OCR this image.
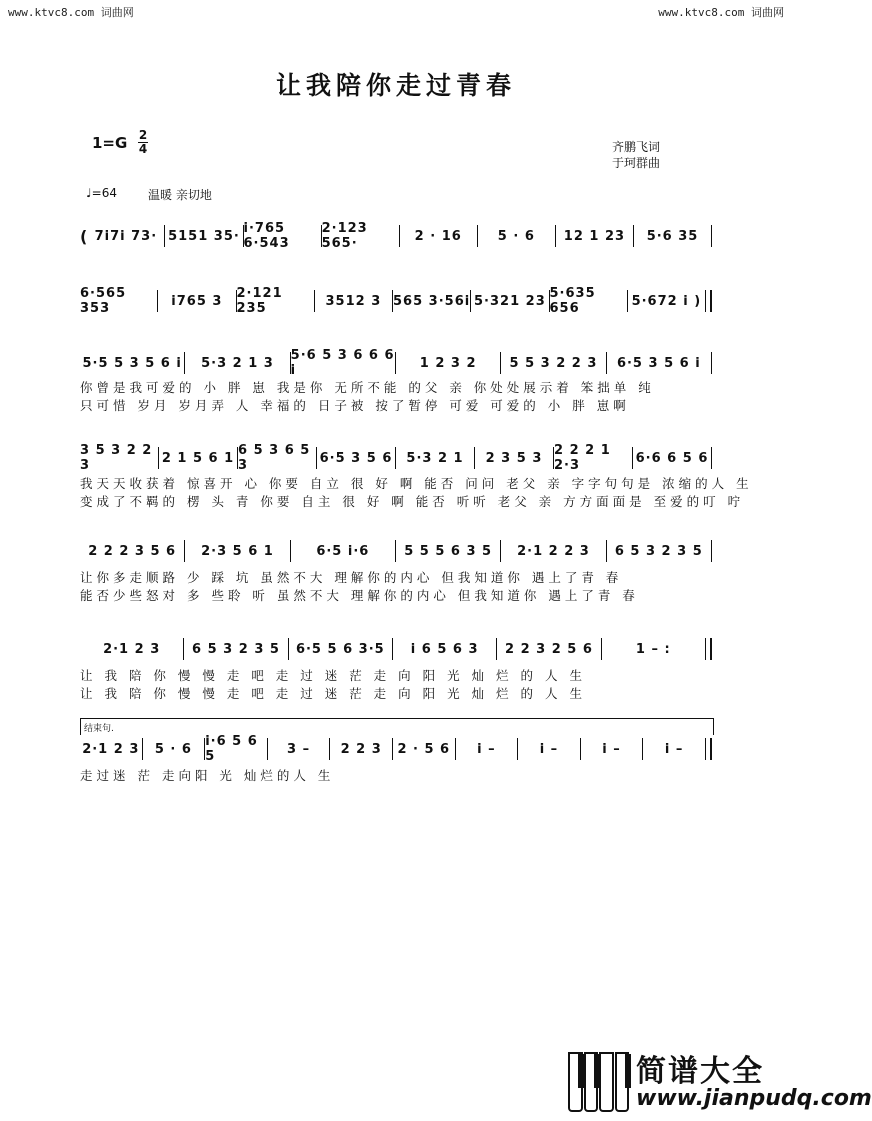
www.ktvc8.com 词曲网	www.ktvc8.com 词曲网
让我陪你走过青春
1=G 2
4	齐鹏飞词
于珂群曲
♩=64	温暖 亲切地
( 7i7i 73· 5151 35· i·765 6·543
2·123 565·	2 · 16	5 · 6	12 1 23	5·6 35
6·565 353	i765 3	2·121 235	3512 3 565 3·56i 5·321 23 5·635 656	5·672 i )
5·5 5 3 5 6 i	5·3 2 1 3	5·6 5 3 6 6 6 i	1 2 3 2	5 5 3 2 2 3	6·5 3 5 6 i
你曾是我可爱的 小 胖 崽 我是你 无所不能 的父 亲 你处处展示着 笨拙单 纯
只可惜 岁月 岁月弄 人 幸福的 日子被 按了暂停 可爱 可爱的 小 胖 崽啊
3 5 3 2 2 3	2 1 5 6 1 6 5 3 6 5 3	6·5 3 5 6	5·3 2 1	2 3 5 3 2 2 2 1 2·3	6·6 6 5 6
我天天收获着 惊喜开 心 你要 自立 很 好 啊 能否 问问 老父 亲 字字句句是 浓缩的人 生
变成了不羁的 楞 头 青 你要 自主 很 好 啊 能否 听听 老父 亲 方方面面是 至爱的叮 咛
2 2 2 3 5 6	2·3 5 6 1	6·5 i·6	5 5 5 6 3 5	2·1 2 2 3	6 5 3 2 3 5
让你多走顺路 少 踩 坑 虽然不大 理解你的内心 但我知道你 遇上了青 春
能否少些怒对 多 些聆 听 虽然不大 理解你的内心 但我知道你 遇上了青 春
2·1 2 3	6 5 3 2 3 5	6·5 5 6 3·5	i 6 5 6 3	2 2 3 2 5 6	1 – :
让 我 陪 你 慢 慢 走 吧 走 过 迷 茫 走 向 阳 光 灿 烂 的 人 生
让 我 陪 你 慢 慢 走 吧 走 过 迷 茫 走 向 阳 光 灿 烂 的 人 生
2·1 2 3	5 · 6	i·6 5 6 5	3 –	2 2 3	2 · 5 6	i –	i –	i –	i –
走过迷 茫 走向阳 光 灿烂的人 生
结束句.
简谱大全
www.jianpudq.com
